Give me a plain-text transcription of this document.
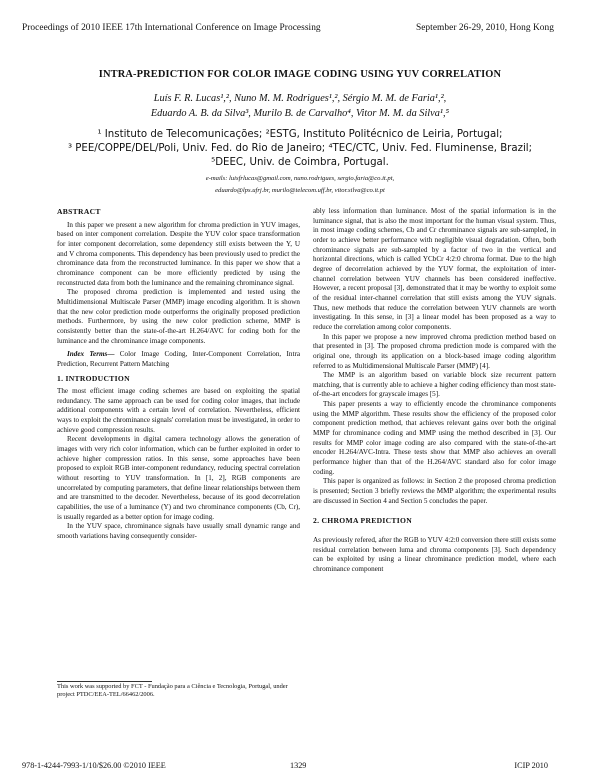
Proceedings of 2010 IEEE 17th International Conference on Image Processing	September 26-29, 2010, Hong Kong
INTRA-PREDICTION FOR COLOR IMAGE CODING USING YUV CORRELATION
Luís F. R. Lucas¹,², Nuno M. M. Rodrigues¹,², Sérgio M. M. de Faria¹,²,
Eduardo A. B. da Silva³, Murilo B. de Carvalho⁴, Vitor M. M. da Silva¹,⁵
¹ Instituto de Telecomunicações; ²ESTG, Instituto Politécnico de Leiria, Portugal;
³ PEE/COPPE/DEL/Poli, Univ. Fed. do Rio de Janeiro; ⁴TEC/CTC, Univ. Fed. Fluminense, Brazil;
⁵DEEC, Univ. de Coimbra, Portugal.
e-mails: luisfrlucas@gmail.com, nuno.rodrigues, sergio.faria@co.it.pt,
eduardo@lps.ufrj.br, murilo@telecom.uff.br, vitor.silva@co.it.pt

ABSTRACT

In this paper we present a new algorithm for chroma prediction in YUV images, based on inter component correlation. Despite the YUV color space transformation for inter component decorrelation, some dependency still exists between the Y, U and V chroma components. This dependency has been previously used to predict the chrominance data from the reconstructed luminance. In this paper we show that a chrominance component can be more efficiently predicted by using the reconstructed data from both the luminance and the remaining chrominance signal.

The proposed chroma prediction is implemented and tested using the Multidimensional Multiscale Parser (MMP) image encoding algorithm. It is shown that the new color prediction mode outperforms the originally proposed prediction methods. Furthermore, by using the new color prediction scheme, MMP is consistently better than the state-of-the-art H.264/AVC for coding both for the luminance and the chrominance image components.

Index Terms— Color Image Coding, Inter-Component Correlation, Intra Prediction, Recurrent Pattern Matching

1. INTRODUCTION

The most efficient image coding schemes are based on exploiting the spatial redundancy. The same approach can be used for coding color images, that include additional components with a certain level of correlation. Nevertheless, efficient ways to exploit the chrominance signals' correlation must be investigated, in order to achieve good compression results.

Recent developments in digital camera technology allows the generation of images with very rich color information, which can be further exploited in order to achieve higher compression ratios. In this sense, some approaches have been proposed to exploit RGB inter-component redundancy, reducing spectral correlation without resorting to YUV transformation. In [1, 2], RGB components are uncorrelated by computing parameters, that define linear relationships between them and are transmitted to the decoder. Nevertheless, because of its good decorrelation capabilities, the use of a luminance (Y) and two chrominance components (Cb, Cr), is usually regarded as a better option for image coding.

In the YUV space, chrominance signals have usually small dynamic range and smooth variations having consequently consider-

This work was supported by FCT - Fundação para a Ciência e Tecnologia, Portugal, under project PTDC/EEA-TEL/66462/2006.

ably less information than luminance. Most of the spatial information is in the luminance signal, that is also the most important for the human visual system. Thus, in most image coding schemes, Cb and Cr chrominance signals are sub-sampled, in order to achieve better performance with negligible visual degradation. Often, both chrominance signals are sub-sampled by a factor of two in the vertical and horizontal directions, which is called YCbCr 4:2:0 chroma format. Due to the high degree of decorrelation achieved by the YUV format, the exploitation of inter-channel correlation between YUV channels has been considered ineffective. However, a recent proposal [3], demonstrated that it may be worthy to exploit some of the residual inter-channel correlation that still exists among the YUV signals. Thus, new methods that reduce the correlation between YUV channels are worth investigating. In this sense, in [3] a linear model has been proposed as a way to reduce the correlation among color components.

In this paper we propose a new improved chroma prediction method based on that presented in [3]. The proposed chroma prediction mode is compared with the original one, through its application on a block-based image coding algorithm referred to as Multidimensional Multiscale Parser (MMP) [4].

The MMP is an algorithm based on variable block size recurrent pattern matching, that is currently able to achieve a higher coding efficiency than most state-of-the-art encoders for grayscale images [5].

This paper presents a way to efficiently encode the chrominance components using the MMP algorithm. These results show the efficiency of the proposed color component prediction method, that achieves relevant gains over both the original MMP for chrominance coding and MMP using the method described in [3]. Our results for MMP color image coding are also compared with the state-of-the-art encoder H.264/AVC-Intra. These tests show that MMP also achieves an overall performance higher than that of the H.264/AVC standard also for color image coding.

This paper is organized as follows: in Section 2 the proposed chroma prediction is presented; Section 3 briefly reviews the MMP algorithm; the experimental results are discussed in Section 4 and Section 5 concludes the paper.

2. CHROMA PREDICTION

As previously refered, after the RGB to YUV 4:2:0 conversion there still exists some residual correlation between luma and chroma components [3]. Such dependency can be exploited by using a linear chrominance prediction model, where each chrominance component

978-1-4244-7993-1/10/$26.00 ©2010 IEEE	1329	ICIP 2010
